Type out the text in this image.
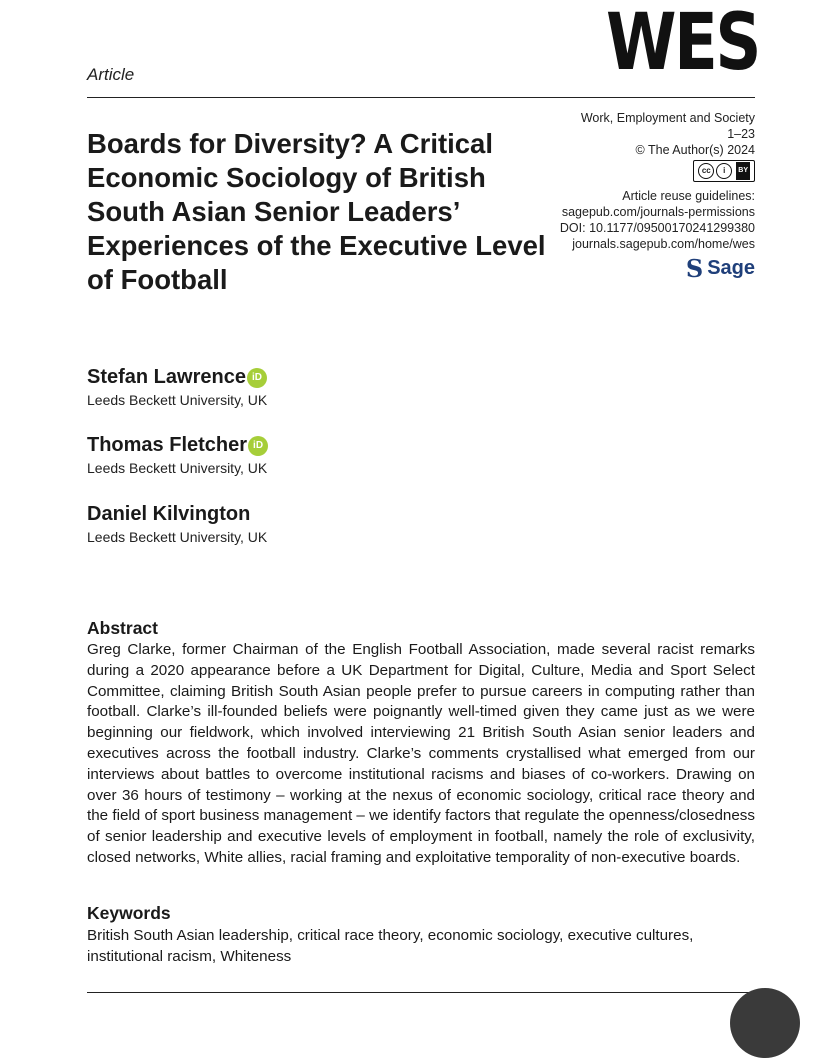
WES
Article
Work, Employment and Society
1–23
© The Author(s) 2024
cc	i	BY
Article reuse guidelines:
sagepub.com/journals-permissions
DOI: 10.1177/09500170241299380
journals.sagepub.com/home/wes
S Sage
Boards for Diversity? A Critical Economic Sociology of British South Asian Senior Leaders’ Experiences of the Executive Level of Football
Stefan Lawrence iD
Leeds Beckett University, UK
Thomas Fletcher iD
Leeds Beckett University, UK
Daniel Kilvington
Leeds Beckett University, UK
Abstract

Greg Clarke, former Chairman of the English Football Association, made several racist remarks during a 2020 appearance before a UK Department for Digital, Culture, Media and Sport Select Committee, claiming British South Asian people prefer to pursue careers in computing rather than football. Clarke’s ill-founded beliefs were poignantly well-timed given they came just as we were beginning our fieldwork, which involved interviewing 21 British South Asian senior leaders and executives across the football industry. Clarke’s comments crystallised what emerged from our interviews about battles to overcome institutional racisms and biases of co-workers. Drawing on over 36 hours of testimony – working at the nexus of economic sociology, critical race theory and the field of sport business management – we identify factors that regulate the openness/closedness of senior leadership and executive levels of employment in football, namely the role of exclusivity, closed networks, White allies, racial framing and exploitative temporality of non-executive boards.

Keywords

British South Asian leadership, critical race theory, economic sociology, executive cultures, institutional racism, Whiteness
